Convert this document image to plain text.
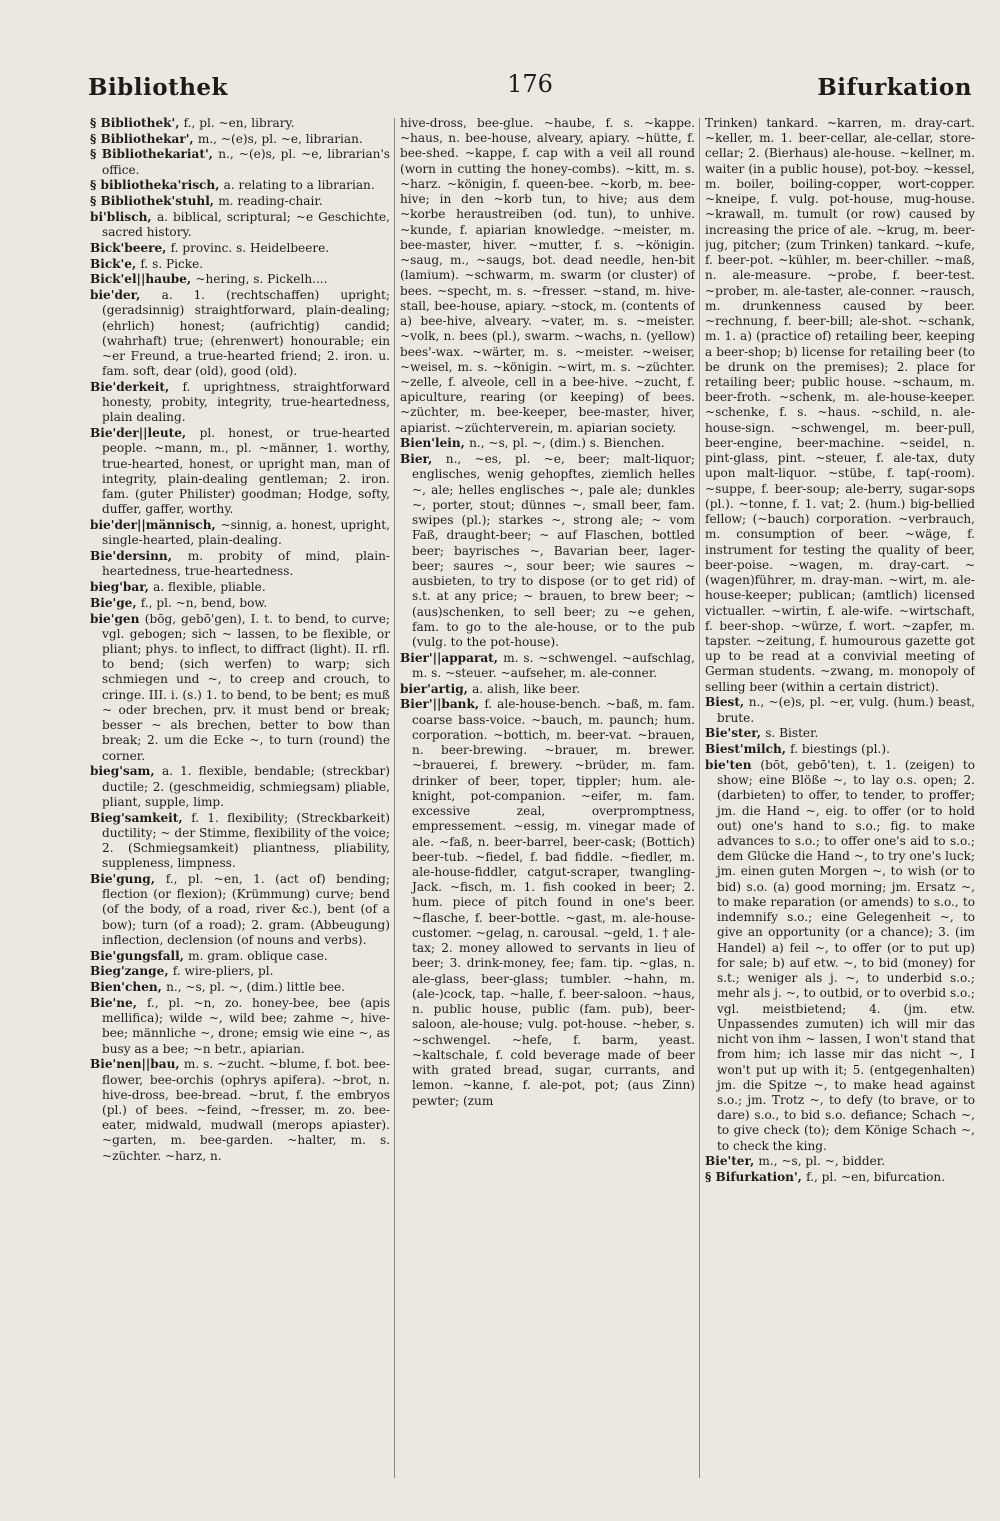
Bibliothek	176	Bifurkation

§ Bibliothek', f., pl. ~en, library.

§ Bibliothekar', m., ~(e)s, pl. ~e, librarian.

§ Bibliothekariat', n., ~(e)s, pl. ~e, librarian's office.

§ bibliotheka'risch, a. relating to a librarian.

§ Bibliothek'stuhl, m. reading-chair.

bi'blisch, a. biblical, scriptural; ~e Geschichte, sacred history.

Bick'beere, f. provinc. s. Heidelbeere.

Bick'e, f. s. Picke.

Bick'el||haube, ~hering, s. Pickelh....

bie'der, a. 1. (rechtschaffen) upright; (geradsinnig) straightforward, plain-dealing; (ehrlich) honest; (aufrichtig) candid; (wahrhaft) true; (ehrenwert) honourable; ein ~er Freund, a true-hearted friend; 2. iron. u. fam. soft, dear (old), good (old).

Bie'derkeit, f. uprightness, straightforward honesty, probity, integrity, true-heartedness, plain dealing.

Bie'der||leute, pl. honest, or true-hearted people. ~mann, m., pl. ~männer, 1. worthy, true-hearted, honest, or upright man, man of integrity, plain-dealing gentleman; 2. iron. fam. (guter Philister) goodman; Hodge, softy, duffer, gaffer, worthy.

bie'der||männisch, ~sinnig, a. honest, upright, single-hearted, plain-dealing.

Bie'dersinn, m. probity of mind, plain-heartedness, true-heartedness.

bieg'bar, a. flexible, pliable.

Bie'ge, f., pl. ~n, bend, bow.

bie'gen (bōg, gebō'gen), I. t. to bend, to curve; vgl. gebogen; sich ~ lassen, to be flexible, or pliant; phys. to inflect, to diffract (light). II. rfl. to bend; (sich werfen) to warp; sich schmiegen und ~, to creep and crouch, to cringe. III. i. (s.) 1. to bend, to be bent; es muß ~ oder brechen, prv. it must bend or break; besser ~ als brechen, better to bow than break; 2. um die Ecke ~, to turn (round) the corner.

bieg'sam, a. 1. flexible, bendable; (streckbar) ductile; 2. (geschmeidig, schmiegsam) pliable, pliant, supple, limp.

Bieg'samkeit, f. 1. flexibility; (Streckbarkeit) ductility; ~ der Stimme, flexibility of the voice; 2. (Schmiegsamkeit) pliantness, pliability, suppleness, limpness.

Bie'gung, f., pl. ~en, 1. (act of) bending; flection (or flexion); (Krümmung) curve; bend (of the body, of a road, river &c.), bent (of a bow); turn (of a road); 2. gram. (Abbeugung) inflection, declension (of nouns and verbs).

Bie'gungsfall, m. gram. oblique case.

Bieg'zange, f. wire-pliers, pl.

Bien'chen, n., ~s, pl. ~, (dim.) little bee.

Bie'ne, f., pl. ~n, zo. honey-bee, bee (apis mellifica); wilde ~, wild bee; zahme ~, hive-bee; männliche ~, drone; emsig wie eine ~, as busy as a bee; ~n betr., apiarian.

Bie'nen||bau, m. s. ~zucht. ~blume, f. bot. bee-flower, bee-orchis (ophrys apifera). ~brot, n. hive-dross, bee-bread. ~brut, f. the embryos (pl.) of bees. ~feind, ~fresser, m. zo. bee-eater, midwald, mudwall (merops apiaster). ~garten, m. bee-garden. ~halter, m. s. ~züchter. ~harz, n.

hive-dross, bee-glue. ~haube, f. s. ~kappe. ~haus, n. bee-house, alveary, apiary. ~hütte, f. bee-shed. ~kappe, f. cap with a veil all round (worn in cutting the honey-combs). ~kitt, m. s. ~harz. ~königin, f. queen-bee. ~korb, m. bee-hive; in den ~korb tun, to hive; aus dem ~korbe heraustreiben (od. tun), to unhive. ~kunde, f. apiarian knowledge. ~meister, m. bee-master, hiver. ~mutter, f. s. ~königin. ~saug, m., ~saugs, bot. dead needle, hen-bit (lamium). ~schwarm, m. swarm (or cluster) of bees. ~specht, m. s. ~fresser. ~stand, m. hive-stall, bee-house, apiary. ~stock, m. (contents of a) bee-hive, alveary. ~vater, m. s. ~meister. ~volk, n. bees (pl.), swarm. ~wachs, n. (yellow) bees'-wax. ~wärter, m. s. ~meister. ~weiser, ~weisel, m. s. ~königin. ~wirt, m. s. ~züchter. ~zelle, f. alveole, cell in a bee-hive. ~zucht, f. apiculture, rearing (or keeping) of bees. ~züchter, m. bee-keeper, bee-master, hiver, apiarist. ~züchterverein, m. apiarian society.

Bien'lein, n., ~s, pl. ~, (dim.) s. Bienchen.

Bier, n., ~es, pl. ~e, beer; malt-liquor; englisches, wenig gehopftes, ziemlich helles ~, ale; helles englisches ~, pale ale; dunkles ~, porter, stout; dünnes ~, small beer, fam. swipes (pl.); starkes ~, strong ale; ~ vom Faß, draught-beer; ~ auf Flaschen, bottled beer; bayrisches ~, Bavarian beer, lager-beer; saures ~, sour beer; wie saures ~ ausbieten, to try to dispose (or to get rid) of s.t. at any price; ~ brauen, to brew beer; ~ (aus)schenken, to sell beer; zu ~e gehen, fam. to go to the ale-house, or to the pub (vulg. to the pot-house).

Bier'||apparat, m. s. ~schwengel. ~aufschlag, m. s. ~steuer. ~aufseher, m. ale-conner.

bier'artig, a. alish, like beer.

Bier'||bank, f. ale-house-bench. ~baß, m. fam. coarse bass-voice. ~bauch, m. paunch; hum. corporation. ~bottich, m. beer-vat. ~brauen, n. beer-brewing. ~brauer, m. brewer. ~brauerei, f. brewery. ~brüder, m. fam. drinker of beer, toper, tippler; hum. ale-knight, pot-companion. ~eifer, m. fam. excessive zeal, overpromptness, empressement. ~essig, m. vinegar made of ale. ~faß, n. beer-barrel, beer-cask; (Bottich) beer-tub. ~fiedel, f. bad fiddle. ~fiedler, m. ale-house-fiddler, catgut-scraper, twangling-Jack. ~fisch, m. 1. fish cooked in beer; 2. hum. piece of pitch found in one's beer. ~flasche, f. beer-bottle. ~gast, m. ale-house-customer. ~gelag, n. carousal. ~geld, 1. † ale-tax; 2. money allowed to servants in lieu of beer; 3. drink-money, fee; fam. tip. ~glas, n. ale-glass, beer-glass; tumbler. ~hahn, m. (ale-)cock, tap. ~halle, f. beer-saloon. ~haus, n. public house, public (fam. pub), beer-saloon, ale-house; vulg. pot-house. ~heber, s. ~schwengel. ~hefe, f. barm, yeast. ~kaltschale, f. cold beverage made of beer with grated bread, sugar, currants, and lemon. ~kanne, f. ale-pot, pot; (aus Zinn) pewter; (zum

Trinken) tankard. ~karren, m. dray-cart. ~keller, m. 1. beer-cellar, ale-cellar, store-cellar; 2. (Bierhaus) ale-house. ~kellner, m. waiter (in a public house), pot-boy. ~kessel, m. boiler, boiling-copper, wort-copper. ~kneipe, f. vulg. pot-house, mug-house. ~krawall, m. tumult (or row) caused by increasing the price of ale. ~krug, m. beer-jug, pitcher; (zum Trinken) tankard. ~kufe, f. beer-pot. ~kühler, m. beer-chiller. ~maß, n. ale-measure. ~probe, f. beer-test. ~prober, m. ale-taster, ale-conner. ~rausch, m. drunkenness caused by beer. ~rechnung, f. beer-bill; ale-shot. ~schank, m. 1. a) (practice of) retailing beer, keeping a beer-shop; b) license for retailing beer (to be drunk on the premises); 2. place for retailing beer; public house. ~schaum, m. beer-froth. ~schenk, m. ale-house-keeper. ~schenke, f. s. ~haus. ~schild, n. ale-house-sign. ~schwengel, m. beer-pull, beer-engine, beer-machine. ~seidel, n. pint-glass, pint. ~steuer, f. ale-tax, duty upon malt-liquor. ~stübe, f. tap(-room). ~suppe, f. beer-soup; ale-berry, sugar-sops (pl.). ~tonne, f. 1. vat; 2. (hum.) big-bellied fellow; (~bauch) corporation. ~verbrauch, m. consumption of beer. ~wäge, f. instrument for testing the quality of beer, beer-poise. ~wagen, m. dray-cart. ~(wagen)führer, m. dray-man. ~wirt, m. ale-house-keeper; publican; (amtlich) licensed victualler. ~wirtin, f. ale-wife. ~wirtschaft, f. beer-shop. ~würze, f. wort. ~zapfer, m. tapster. ~zeitung, f. humourous gazette got up to be read at a convivial meeting of German students. ~zwang, m. monopoly of selling beer (within a certain district).

Biest, n., ~(e)s, pl. ~er, vulg. (hum.) beast, brute.

Bie'ster, s. Bister.

Biest'milch, f. biestings (pl.).

bie'ten (bōt, gebō'ten), t. 1. (zeigen) to show; eine Blöße ~, to lay o.s. open; 2. (darbieten) to offer, to tender, to proffer; jm. die Hand ~, eig. to offer (or to hold out) one's hand to s.o.; fig. to make advances to s.o.; to offer one's aid to s.o.; dem Glücke die Hand ~, to try one's luck; jm. einen guten Morgen ~, to wish (or to bid) s.o. (a) good morning; jm. Ersatz ~, to make reparation (or amends) to s.o., to indemnify s.o.; eine Gelegenheit ~, to give an opportunity (or a chance); 3. (im Handel) a) feil ~, to offer (or to put up) for sale; b) auf etw. ~, to bid (money) for s.t.; weniger als j. ~, to underbid s.o.; mehr als j. ~, to outbid, or to overbid s.o.; vgl. meistbietend; 4. (jm. etw. Unpassendes zumuten) ich will mir das nicht von ihm ~ lassen, I won't stand that from him; ich lasse mir das nicht ~, I won't put up with it; 5. (entgegenhalten) jm. die Spitze ~, to make head against s.o.; jm. Trotz ~, to defy (to brave, or to dare) s.o., to bid s.o. defiance; Schach ~, to give check (to); dem Könige Schach ~, to check the king.

Bie'ter, m., ~s, pl. ~, bidder.

§ Bifurkation', f., pl. ~en, bifurcation.
